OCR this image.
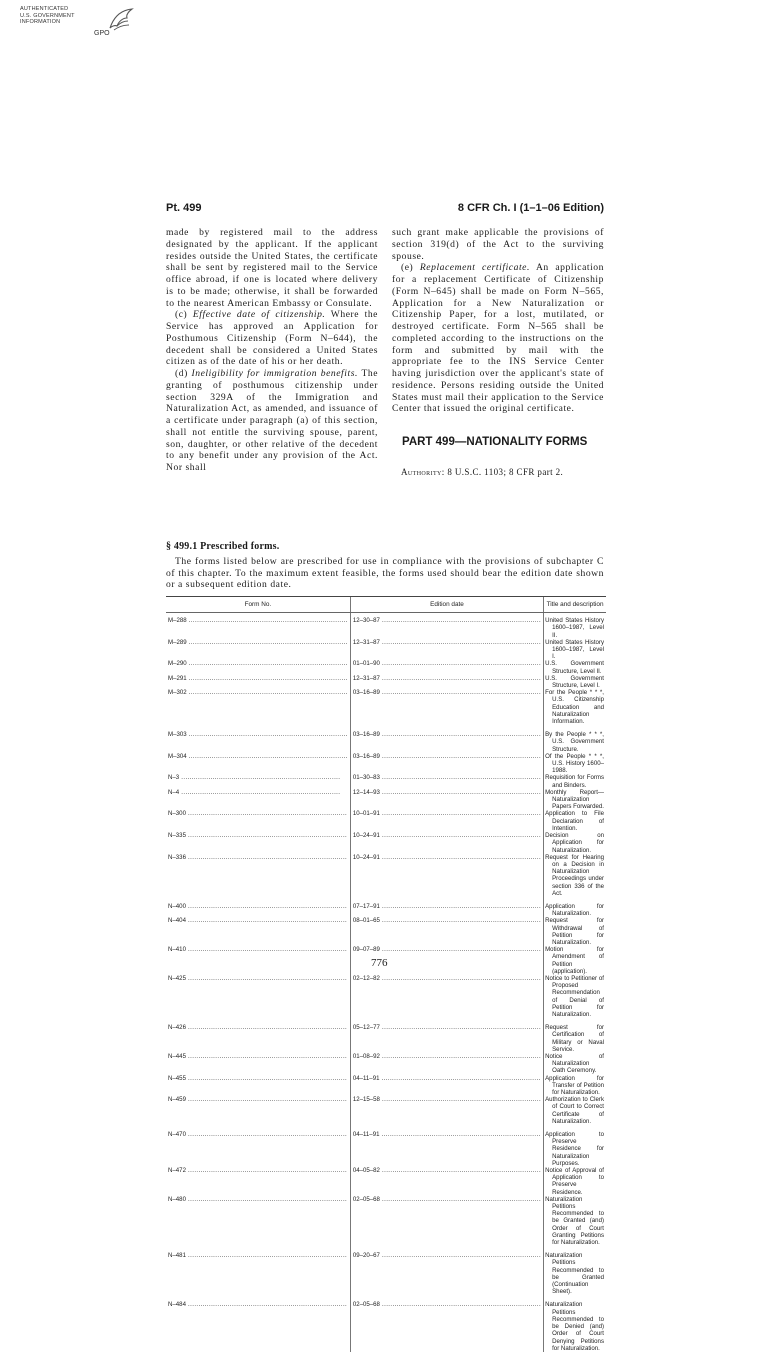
AUTHENTICATED
U.S. GOVERNMENT
INFORMATION
GPO
Pt. 499	8 CFR Ch. I (1–1–06 Edition)

made by registered mail to the address designated by the applicant. If the applicant resides outside the United States, the certificate shall be sent by registered mail to the Service office abroad, if one is located where delivery is to be made; otherwise, it shall be forwarded to the nearest American Embassy or Consulate.

(c) Effective date of citizenship. Where the Service has approved an Application for Posthumous Citizenship (Form N–644), the decedent shall be considered a United States citizen as of the date of his or her death.

(d) Ineligibility for immigration benefits. The granting of posthumous citizenship under section 329A of the Immigration and Naturalization Act, as amended, and issuance of a certificate under paragraph (a) of this section, shall not entitle the surviving spouse, parent, son, daughter, or other relative of the decedent to any benefit under any provision of the Act. Nor shall

such grant make applicable the provisions of section 319(d) of the Act to the surviving spouse.

(e) Replacement certificate. An application for a replacement Certificate of Citizenship (Form N–645) shall be made on Form N–565, Application for a New Naturalization or Citizenship Paper, for a lost, mutilated, or destroyed certificate. Form N–565 shall be completed according to the instructions on the form and submitted by mail with the appropriate fee to the INS Service Center having jurisdiction over the applicant's state of residence. Persons residing outside the United States must mail their application to the Service Center that issued the original certificate.

PART 499—NATIONALITY FORMS

Authority: 8 U.S.C. 1103; 8 CFR part 2.

§ 499.1 Prescribed forms.

The forms listed below are prescribed for use in compliance with the provisions of subchapter C of this chapter. To the maximum extent feasible, the forms used should bear the edition date shown or a subsequent edition date.

Form No.	Edition date	Title and description

M–288 .....	12–30–87 .....	United States History 1600–1987, Level II.

M–289 .....	12–31–87 .....	United States History 1600–1987, Level I.

M–290 .....	01–01–90 .....	U.S. Government Structure, Level II.

M–291 .....	12–31–87 .....	U.S. Government Structure, Level I.

M–302 .....	03–16–89 .....	For the People * * *, U.S. Citizenship Education and Naturalization Information.

M–303 .....	03–16–89 .....	By the People * * *, U.S. Government Structure.

M–304 .....	03–16–89 .....	Of the People * * *, U.S. History 1600–1988.

N–3 .....	01–30–83 .....	Requisition for Forms and Binders.

N–4 .....	12–14–93 .....	Monthly Report—Naturalization Papers Forwarded.

N–300 .....	10–01–91 .....	Application to File Declaration of Intention.

N–335 .....	10–24–91 .....	Decision on Application for Naturalization.

N–336 .....	10–24–91 .....	Request for Hearing on a Decision in Naturalization Proceedings under section 336 of the Act.

N–400 .....	07–17–91 .....	Application for Naturalization.

N–404 .....	08–01–65 .....	Request for Withdrawal of Petition for Naturalization.

N–410 .....	09–07–89 .....	Motion for Amendment of Petition (application).

N–425 .....	02–12–82 .....	Notice to Petitioner of Proposed Recommendation of Denial of Petition for Naturalization.

N–426 .....	05–12–77 .....	Request for Certification of Military or Naval Service.

N–445 .....	01–08–92 .....	Notice of Naturalization Oath Ceremony.

N–455 .....	04–11–91 .....	Application for Transfer of Petition for Naturalization.

N–459 .....	12–15–58 .....	Authorization to Clerk of Court to Correct Certificate of Naturalization.

N–470 .....	04–11–91 .....	Application to Preserve Residence for Naturalization Purposes.

N–472 .....	04–05–82 .....	Notice of Approval of Application to Preserve Residence.

N–480 .....	02–05–68 .....	Naturalization Petitions Recommended to be Granted (and) Order of Court Granting Petitions for Naturalization.

N–481 .....	09–20–67 .....	Naturalization Petitions Recommended to be Granted (Continuation Sheet).

N–484 .....	02–05–68 .....	Naturalization Petitions Recommended to be Denied (and) Order of Court Denying Petitions for Naturalization.
776
